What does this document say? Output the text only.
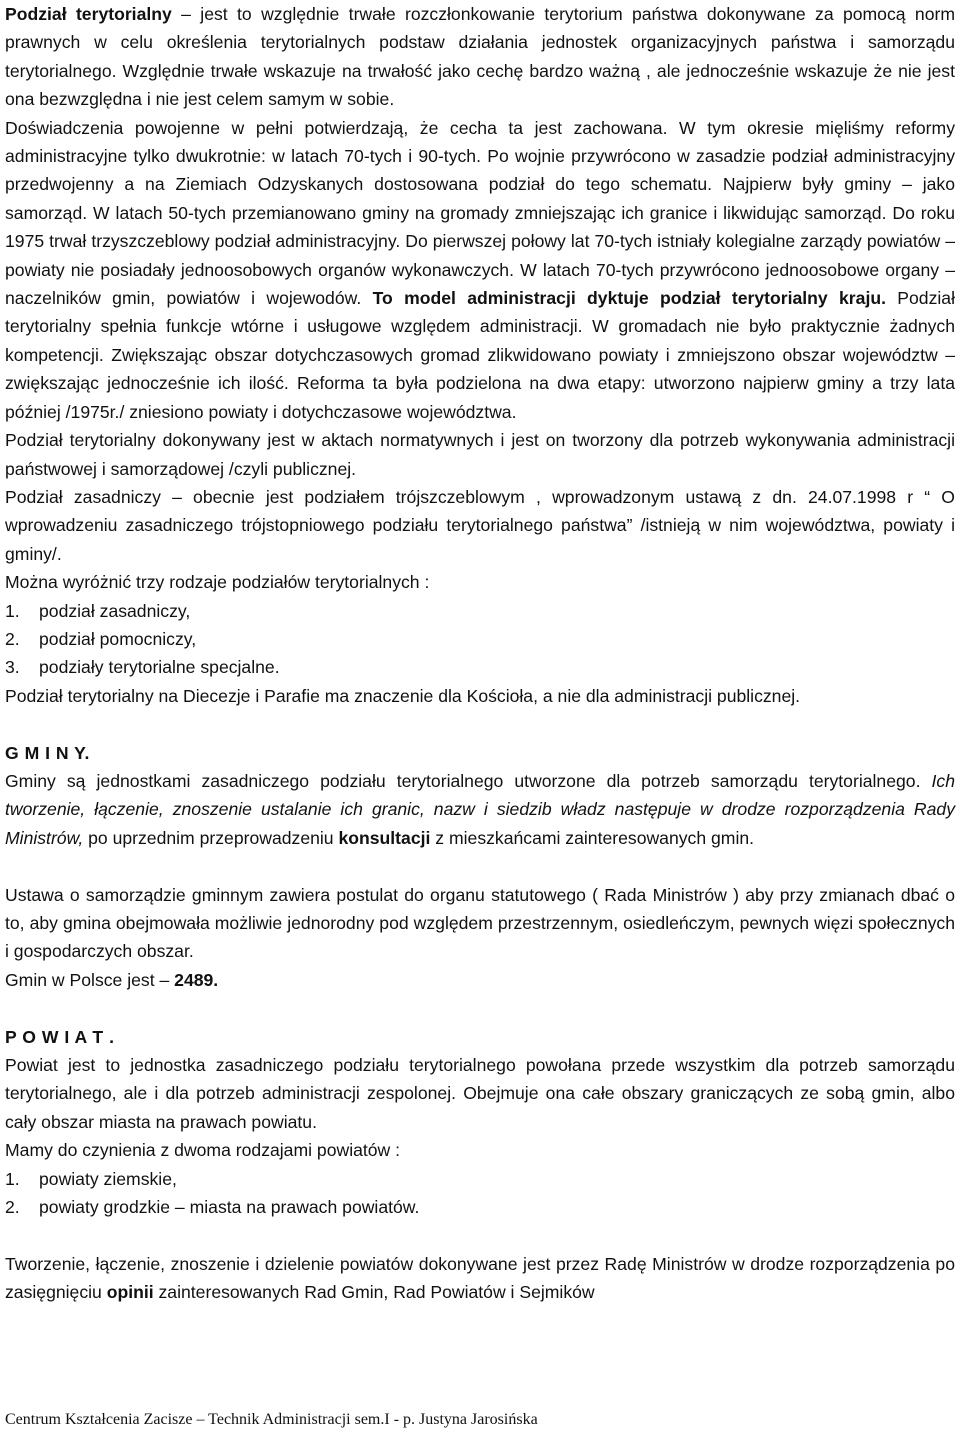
Podział terytorialny – jest to względnie trwałe rozczłonkowanie terytorium państwa dokonywane za pomocą norm prawnych w celu określenia terytorialnych podstaw działania jednostek organizacyjnych państwa i samorządu terytorialnego. Względnie trwałe wskazuje na trwałość jako cechę bardzo ważną , ale jednocześnie wskazuje że nie jest ona bezwzględna i nie jest celem samym w sobie.

Doświadczenia powojenne w pełni potwierdzają, że cecha ta jest zachowana. W tym okresie mięliśmy reformy administracyjne tylko dwukrotnie: w latach 70-tych i 90-tych. Po wojnie przywrócono w zasadzie podział administracyjny przedwojenny a na Ziemiach Odzyskanych dostosowana podział do tego schematu. Najpierw były gminy – jako samorząd. W latach 50-tych przemianowano gminy na gromady zmniejszając ich granice i likwidując samorząd. Do roku 1975 trwał trzyszczeblowy podział administracyjny. Do pierwszej połowy lat 70-tych istniały kolegialne zarządy powiatów – powiaty nie posiadały jednoosobowych organów wykonawczych. W latach 70-tych przywrócono jednoosobowe organy – naczelników gmin, powiatów i wojewodów. To model administracji dyktuje podział terytorialny kraju. Podział terytorialny spełnia funkcje wtórne i usługowe względem administracji. W gromadach nie było praktycznie żadnych kompetencji. Zwiększając obszar dotychczasowych gromad zlikwidowano powiaty i zmniejszono obszar województw – zwiększając jednocześnie ich ilość. Reforma ta była podzielona na dwa etapy: utworzono najpierw gminy a trzy lata później /1975r./ zniesiono powiaty i dotychczasowe województwa.

Podział terytorialny dokonywany jest w aktach normatywnych i jest on tworzony dla potrzeb wykonywania administracji państwowej i samorządowej /czyli publicznej.

Podział zasadniczy – obecnie jest podziałem trójszczeblowym , wprowadzonym ustawą z dn. 24.07.1998 r “ O wprowadzeniu zasadniczego trójstopniowego podziału terytorialnego państwa” /istnieją w nim województwa, powiaty i gminy/.

Można wyróżnić trzy rodzaje podziałów terytorialnych :

1. podział zasadniczy,

2. podział pomocniczy,

3. podziały terytorialne specjalne.

Podział terytorialny na Diecezje i Parafie ma znaczenie dla Kościoła, a nie dla administracji publicznej.

G M I N Y.

Gminy są jednostkami zasadniczego podziału terytorialnego utworzone dla potrzeb samorządu terytorialnego. Ich tworzenie, łączenie, znoszenie ustalanie ich granic, nazw i siedzib władz następuje w drodze rozporządzenia Rady Ministrów, po uprzednim przeprowadzeniu konsultacji z mieszkańcami zainteresowanych gmin.

Ustawa o samorządzie gminnym zawiera postulat do organu statutowego ( Rada Ministrów ) aby przy zmianach dbać o to, aby gmina obejmowała możliwie jednorodny pod względem przestrzennym, osiedleńczym, pewnych więzi społecznych i gospodarczych obszar.

Gmin w Polsce jest – 2489.

P O W I A T .

Powiat jest to jednostka zasadniczego podziału terytorialnego powołana przede wszystkim dla potrzeb samorządu terytorialnego, ale i dla potrzeb administracji zespolonej. Obejmuje ona całe obszary graniczących ze sobą gmin, albo cały obszar miasta na prawach powiatu.

Mamy do czynienia z dwoma rodzajami powiatów :

1. powiaty ziemskie,

2. powiaty grodzkie – miasta na prawach powiatów.

Tworzenie, łączenie, znoszenie i dzielenie powiatów dokonywane jest przez Radę Ministrów w drodze rozporządzenia po zasięgnięciu opinii zainteresowanych Rad Gmin, Rad Powiatów i Sejmików

Centrum Kształcenia Zacisze – Technik Administracji sem.I - p. Justyna Jarosińska
